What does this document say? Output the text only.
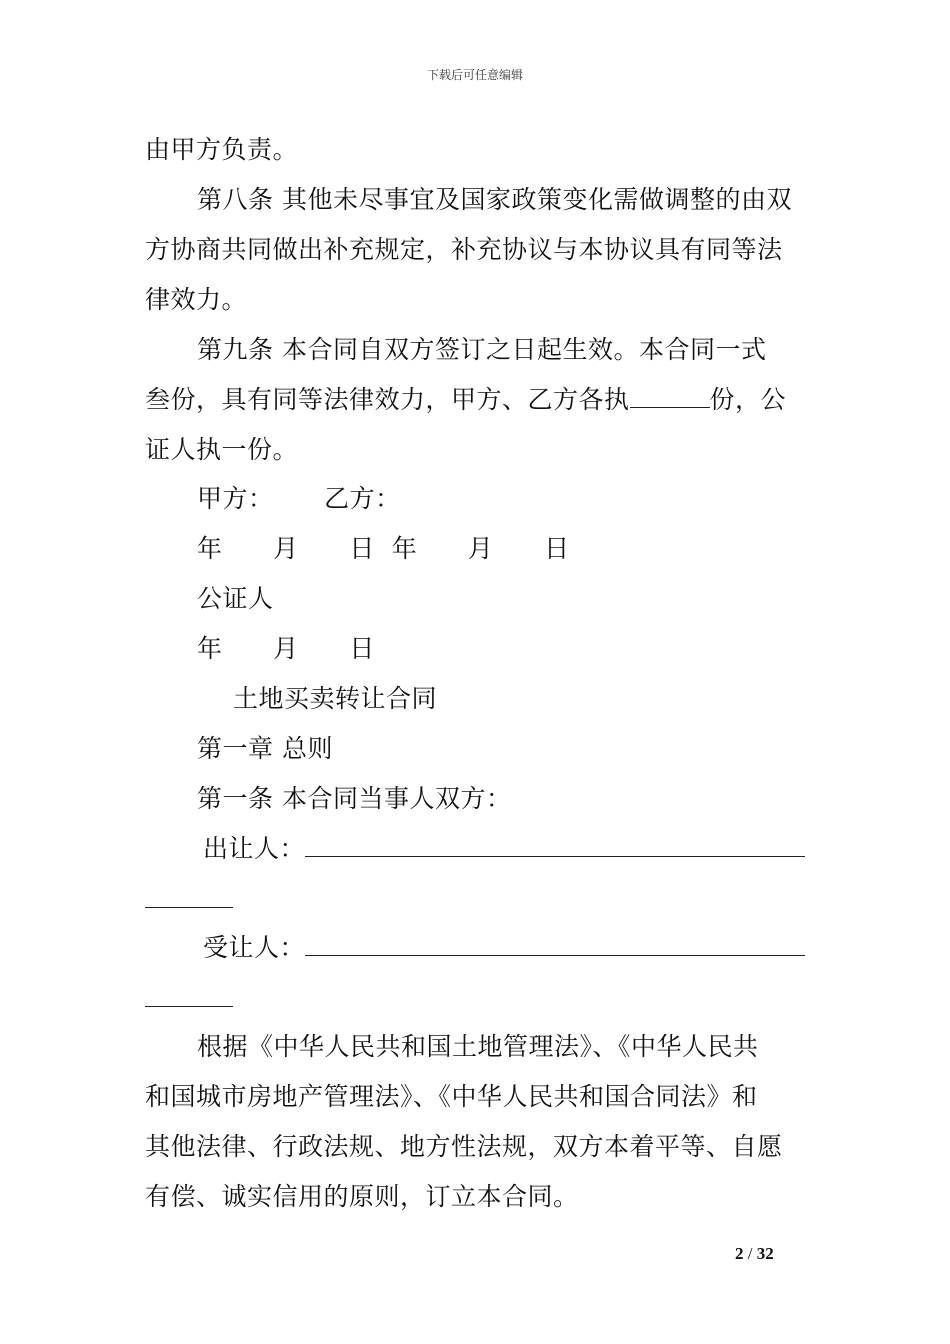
下载后可任意编辑
由甲方负责。
第八条 其他未尽事宜及国家政策变化需做调整的由双
方协商共同做出补充规定，补充协议与本协议具有同等法
律效力。
第九条 本合同自双方签订之日起生效。本合同一式
叁份，具有同等法律效力，甲方、乙方各执	份，公
证人执一份。
甲方：      乙方：
年      月      日  年      月      日
公证人
年      月      日
土地买卖转让合同
第一章 总则
第一条 本合同当事人双方：
出让人：
受让人：
根据《中华人民共和国土地管理法》、《中华人民共
和国城市房地产管理法》、《中华人民共和国合同法》和
其他法律、行政法规、地方性法规，双方本着平等、自愿
有偿、诚实信用的原则，订立本合同。
2 / 32
